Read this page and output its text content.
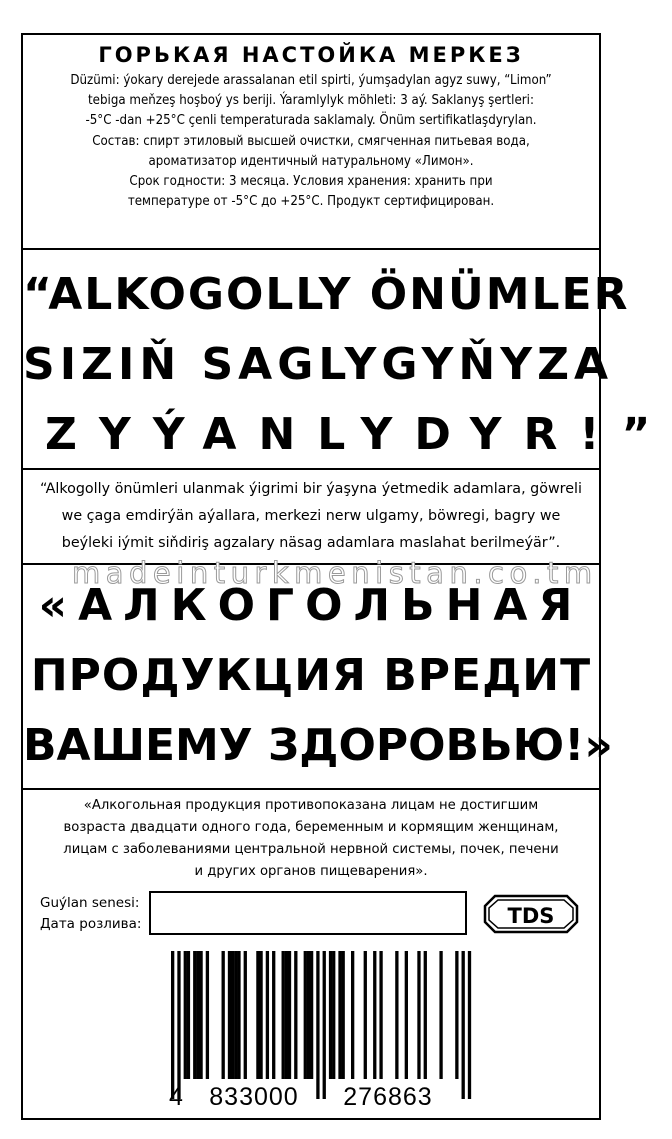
ГОРЬКАЯ НАСТОЙКА МЕРКЕЗ
Düzümi: ýokary derejede arassalanan etil spirti, ýumşadylan agyz suwy, “Limon”
tebiga meňzeş hoşboý ys beriji. Ýaramlylyk möhleti: 3 aý. Saklanyş şertleri:
-5°C -dan +25°C çenli temperaturada saklamaly. Önüm sertifikatlaşdyrylan.
Состав: спирт этиловый высшей очистки, смягченная питьевая вода,
ароматизатор идентичный натуральному «Лимон».
Срок годности: 3 месяца. Условия хранения: хранить при
температуре от -5°C до +25°C. Продукт сертифицирован.
“ALKOGOLLY ÖNÜMLER
SIZIŇ SAGLYGYŇYZA
ZYÝANLYDYR!”
“Alkogolly önümleri ulanmak ýigrimi bir ýaşyna ýetmedik adamlara, göwreli
we çaga emdirýän aýallara, merkezi nerw ulgamy, böwregi, bagry we
beýleki iýmit siňdiriş agzalary näsag adamlara maslahat berilmeýär”.
«АЛКОГОЛЬНАЯ
ПРОДУКЦИЯ ВРЕДИТ
ВАШЕМУ ЗДОРОВЬЮ!»
«Алкогольная продукция противопоказана лицам не достигшим
возраста двадцати одного года, беременным и кормящим женщинам,
лицам с заболеваниями центральной нервной системы, почек, печени
и других органов пищеварения».
Guýlan senesi:
Дата розлива:	TDS
4 833000 276863
madeinturkmenistan.co.tm
